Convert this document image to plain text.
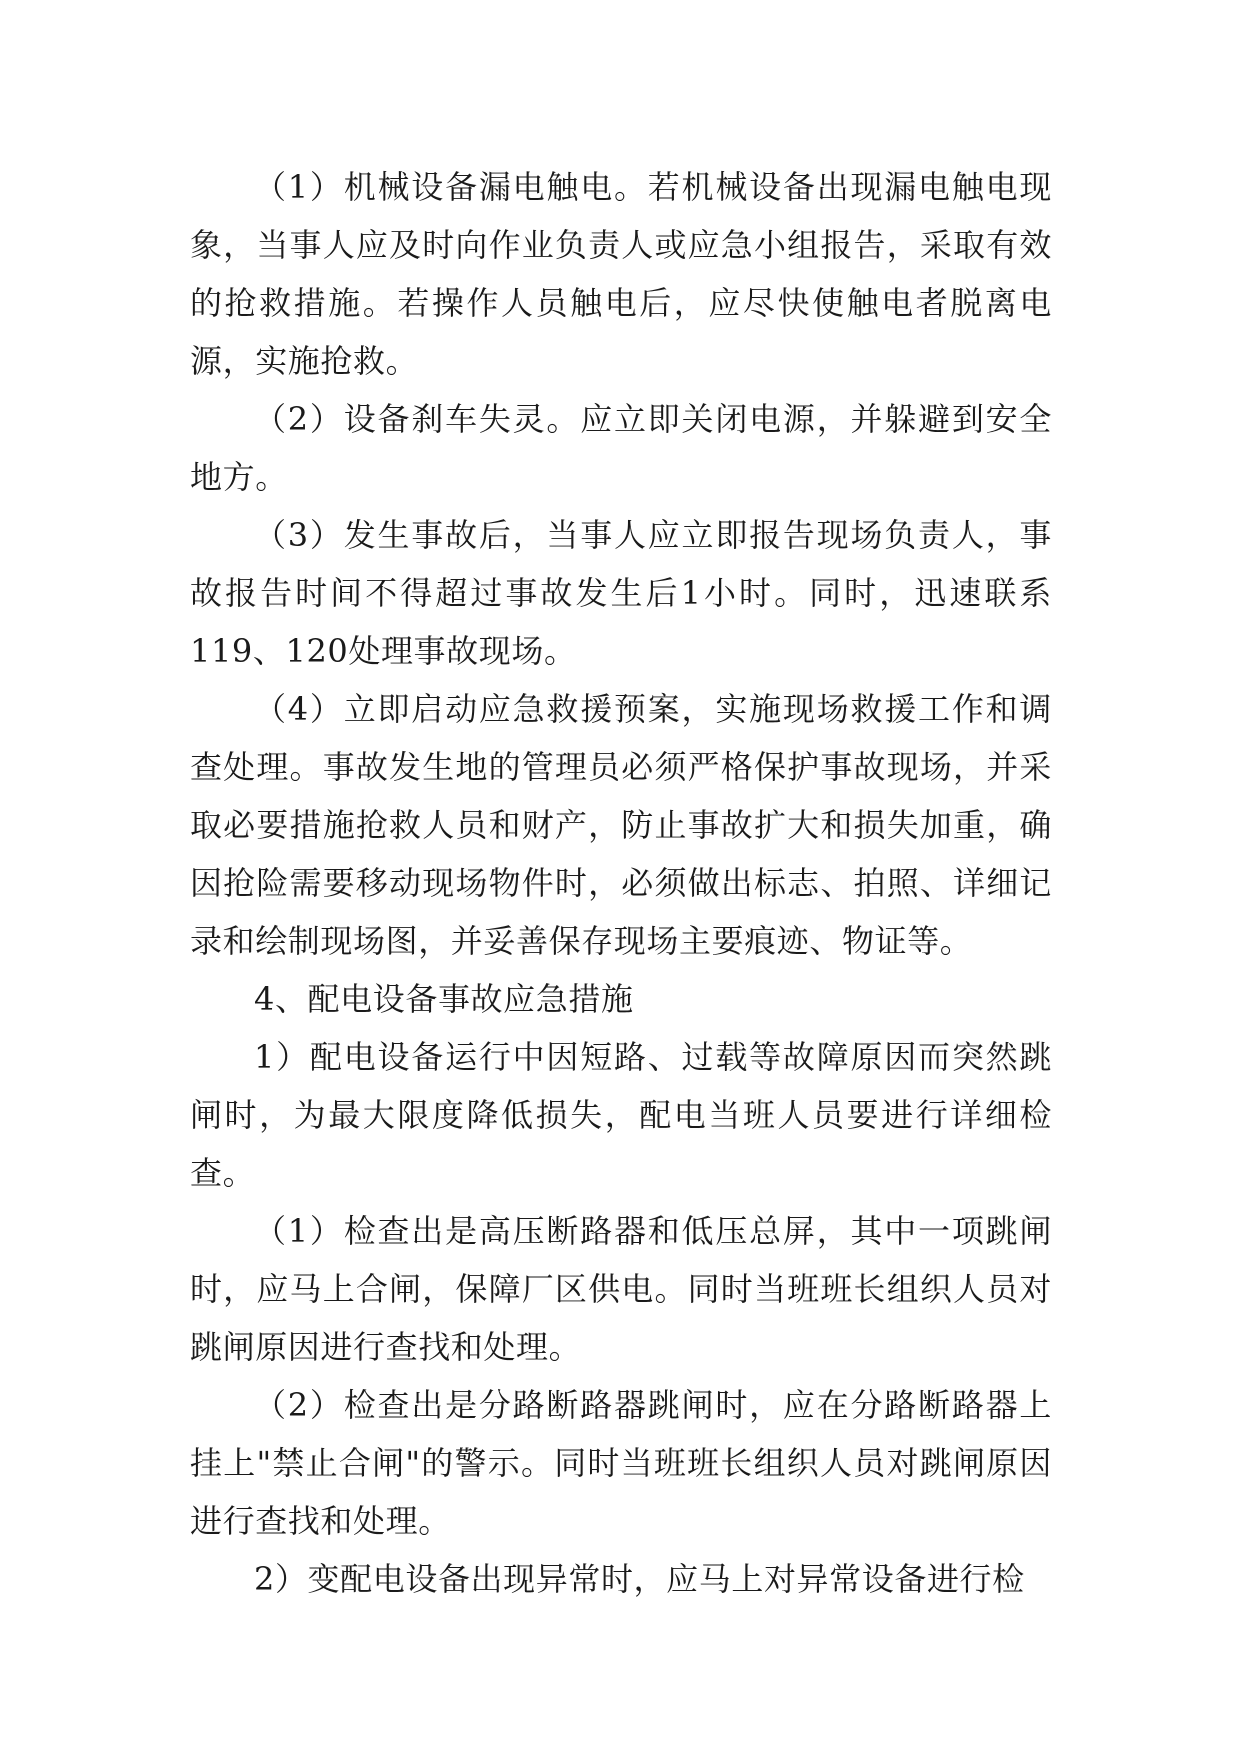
（1）机械设备漏电触电。若机械设备出现漏电触电现象，当事人应及时向作业负责人或应急小组报告，采取有效的抢救措施。若操作人员触电后，应尽快使触电者脱离电源，实施抢救。

（2）设备刹车失灵。应立即关闭电源，并躲避到安全地方。

（3）发生事故后，当事人应立即报告现场负责人，事故报告时间不得超过事故发生后1小时。同时，迅速联系119、120处理事故现场。

（4）立即启动应急救援预案，实施现场救援工作和调查处理。事故发生地的管理员必须严格保护事故现场，并采取必要措施抢救人员和财产，防止事故扩大和损失加重，确因抢险需要移动现场物件时，必须做出标志、拍照、详细记录和绘制现场图，并妥善保存现场主要痕迹、物证等。

4、配电设备事故应急措施

1）配电设备运行中因短路、过载等故障原因而突然跳闸时，为最大限度降低损失，配电当班人员要进行详细检查。

（1）检查出是高压断路器和低压总屏，其中一项跳闸时，应马上合闸，保障厂区供电。同时当班班长组织人员对跳闸原因进行查找和处理。

（2）检查出是分路断路器跳闸时，应在分路断路器上挂上"禁止合闸"的警示。同时当班班长组织人员对跳闸原因进行查找和处理。

2）变配电设备出现异常时，应马上对异常设备进行检
